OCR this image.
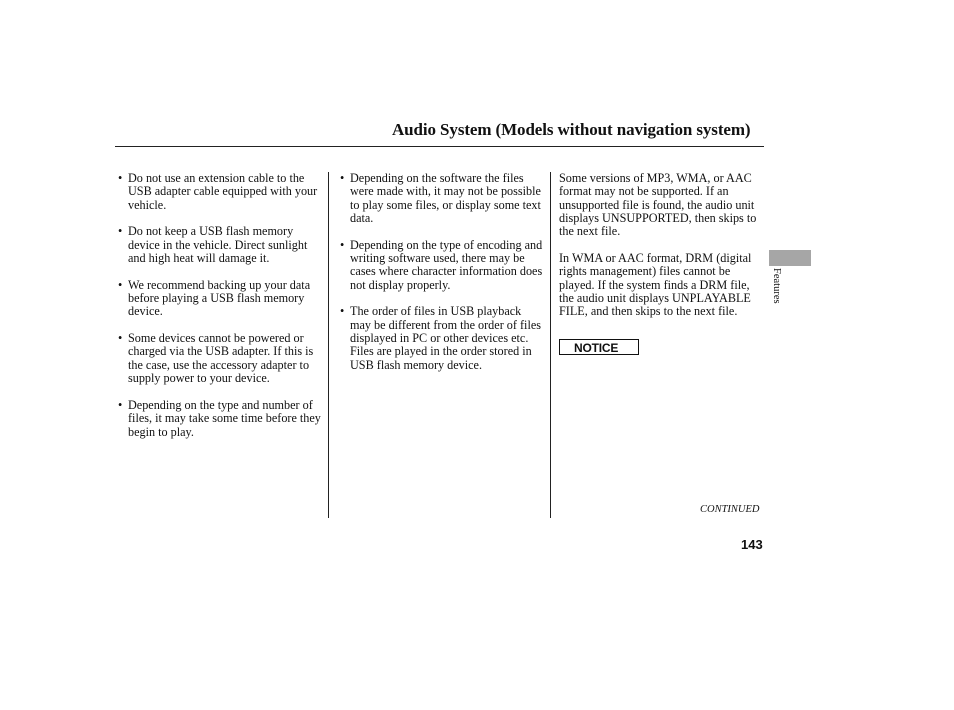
Audio System (Models without navigation system)
• Do not use an extension cable to the USB adapter cable equipped with your vehicle.
• Do not keep a USB flash memory device in the vehicle. Direct sunlight and high heat will damage it.
• We recommend backing up your data before playing a USB flash memory device.
• Some devices cannot be powered or charged via the USB adapter. If this is the case, use the accessory adapter to supply power to your device.
• Depending on the type and number of files, it may take some time before they begin to play.
• Depending on the software the files were made with, it may not be possible to play some files, or display some text data.
• Depending on the type of encoding and writing software used, there may be cases where character information does not display properly.
• The order of files in USB playback may be different from the order of files displayed in PC or other devices etc. Files are played in the order stored in USB flash memory device.

Some versions of MP3, WMA, or AAC format may not be supported. If an unsupported file is found, the audio unit displays UNSUPPORTED, then skips to the next file.

In WMA or AAC format, DRM (digital rights management) files cannot be played. If the system finds a DRM file, the audio unit displays UNPLAYABLE FILE, and then skips to the next file.

NOTICE
Features
CONTINUED
143
